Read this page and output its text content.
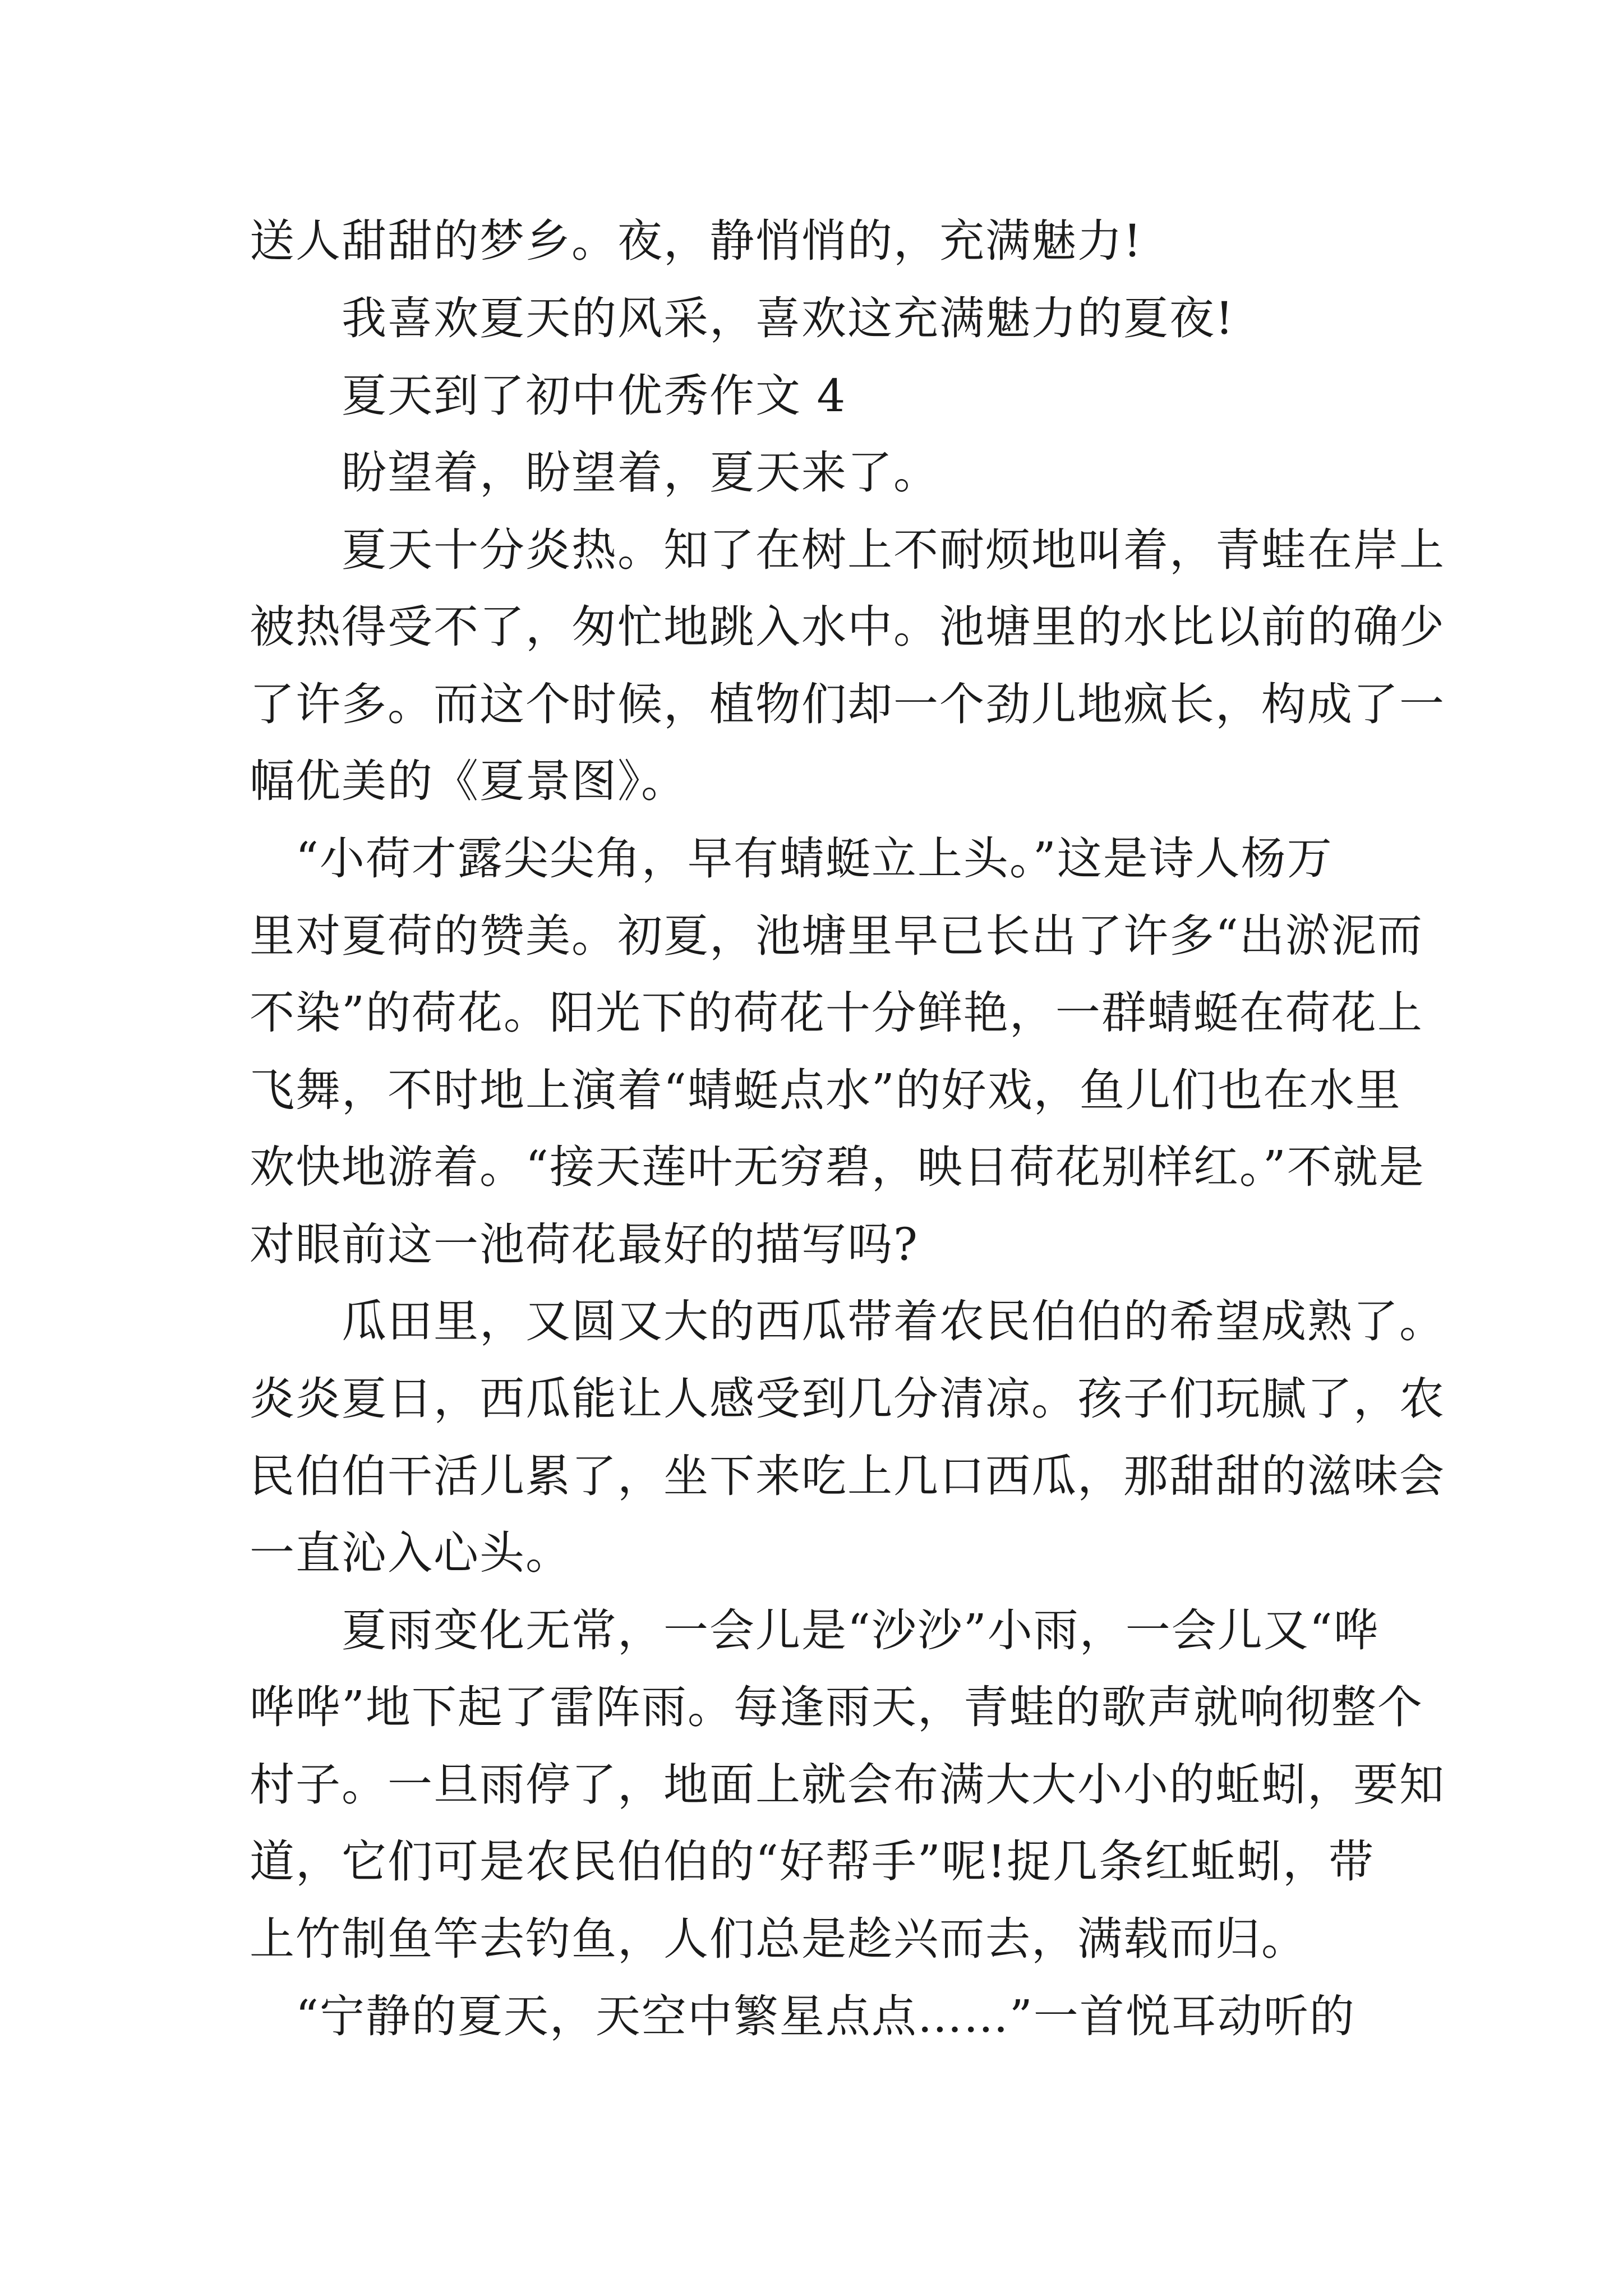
送人甜甜的梦乡。夜，静悄悄的，充满魅力!
　　我喜欢夏天的风采，喜欢这充满魅力的夏夜!
　　夏天到了初中优秀作文 4
　　盼望着，盼望着，夏天来了。
　　夏天十分炎热。知了在树上不耐烦地叫着，青蛙在岸上
被热得受不了，匆忙地跳入水中。池塘里的水比以前的确少
了许多。而这个时候，植物们却一个劲儿地疯长，构成了一
幅优美的《夏景图》。
　“小荷才露尖尖角，早有蜻蜓立上头。”这是诗人杨万
里对夏荷的赞美。初夏，池塘里早已长出了许多“出淤泥而
不染”的荷花。阳光下的荷花十分鲜艳，一群蜻蜓在荷花上
飞舞，不时地上演着“蜻蜓点水”的好戏，鱼儿们也在水里
欢快地游着。“接天莲叶无穷碧，映日荷花别样红。”不就是
对眼前这一池荷花最好的描写吗?
　　瓜田里，又圆又大的西瓜带着农民伯伯的希望成熟了。
炎炎夏日，西瓜能让人感受到几分清凉。孩子们玩腻了，农
民伯伯干活儿累了，坐下来吃上几口西瓜，那甜甜的滋味会
一直沁入心头。
　　夏雨变化无常，一会儿是“沙沙”小雨，一会儿又“哗
哗哗”地下起了雷阵雨。每逢雨天，青蛙的歌声就响彻整个
村子。一旦雨停了，地面上就会布满大大小小的蚯蚓，要知
道，它们可是农民伯伯的“好帮手”呢!捉几条红蚯蚓，带
上竹制鱼竿去钓鱼，人们总是趁兴而去，满载而归。
　“宁静的夏天，天空中繁星点点……”一首悦耳动听的
